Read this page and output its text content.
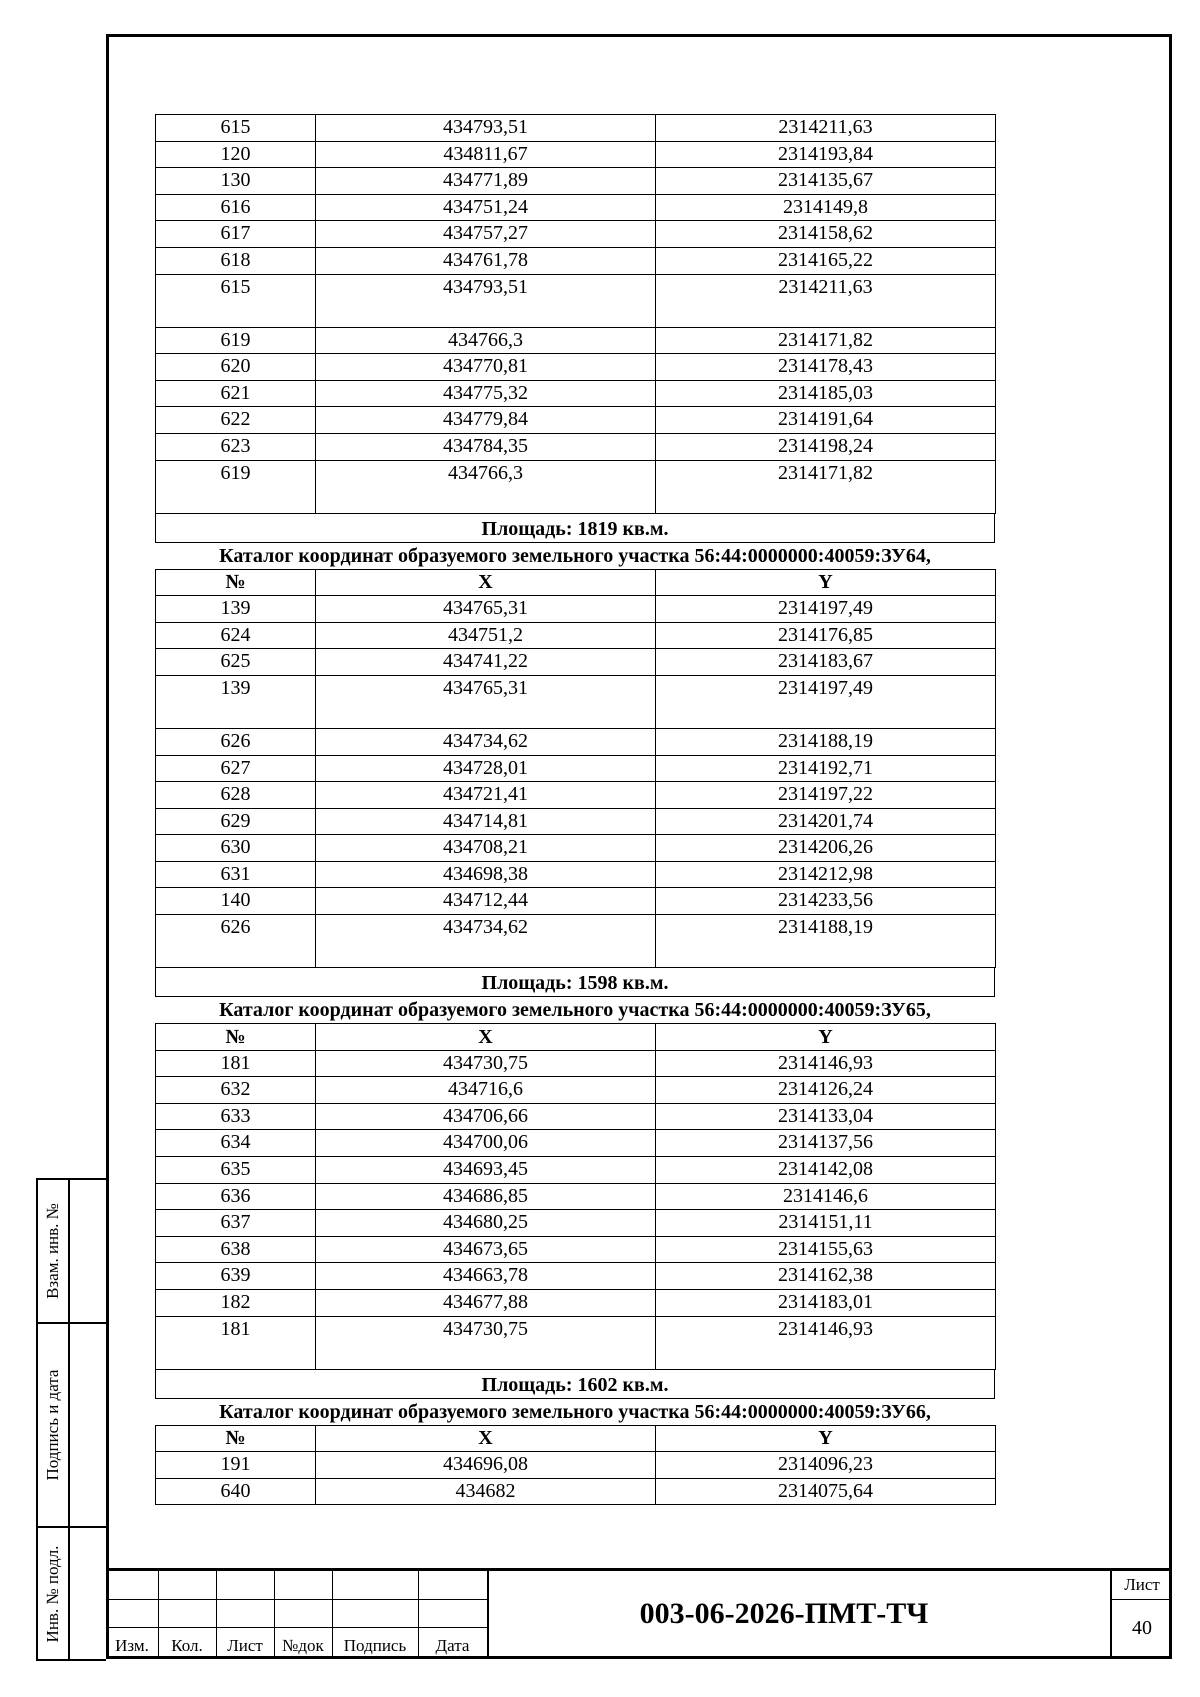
Взам. инв. №
Подпись и дата
Инв. № подл.
615	434793,51	2314211,63
120	434811,67	2314193,84
130	434771,89	2314135,67
616	434751,24	2314149,8
617	434757,27	2314158,62
618	434761,78	2314165,22
615	434793,51	2314211,63
619	434766,3	2314171,82
620	434770,81	2314178,43
621	434775,32	2314185,03
622	434779,84	2314191,64
623	434784,35	2314198,24
619	434766,3	2314171,82
Площадь: 1819 кв.м.
Каталог координат образуемого земельного участка 56:44:0000000:40059:ЗУ64,
№	X	Y
139	434765,31	2314197,49
624	434751,2	2314176,85
625	434741,22	2314183,67
139	434765,31	2314197,49
626	434734,62	2314188,19
627	434728,01	2314192,71
628	434721,41	2314197,22
629	434714,81	2314201,74
630	434708,21	2314206,26
631	434698,38	2314212,98
140	434712,44	2314233,56
626	434734,62	2314188,19
Площадь: 1598 кв.м.
Каталог координат образуемого земельного участка 56:44:0000000:40059:ЗУ65,
№	X	Y
181	434730,75	2314146,93
632	434716,6	2314126,24
633	434706,66	2314133,04
634	434700,06	2314137,56
635	434693,45	2314142,08
636	434686,85	2314146,6
637	434680,25	2314151,11
638	434673,65	2314155,63
639	434663,78	2314162,38
182	434677,88	2314183,01
181	434730,75	2314146,93
Площадь: 1602 кв.м.
Каталог координат образуемого земельного участка 56:44:0000000:40059:ЗУ66,
№	X	Y
191	434696,08	2314096,23
640	434682	2314075,64
Изм.	Кол.	Лист	№док	Подпись	Дата
003-06-2026-ПМТ-ТЧ
Лист
40
